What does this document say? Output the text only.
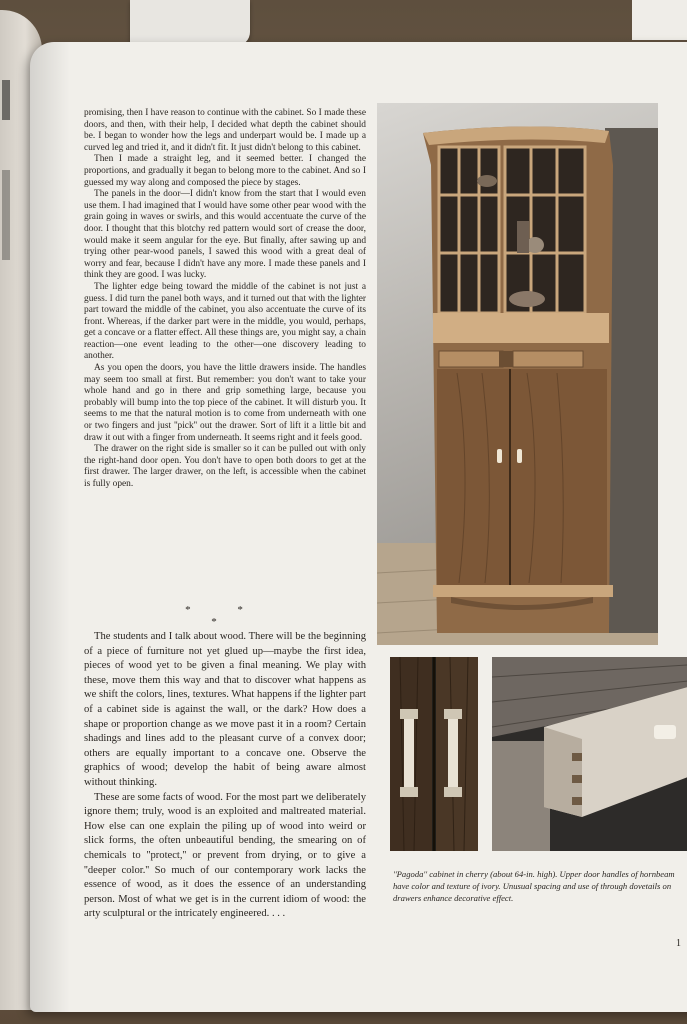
promising, then I have reason to continue with the cabinet. So I made these doors, and then, with their help, I decided what depth the cabinet should be. I began to wonder how the legs and underpart would be. I made up a curved leg and tried it, and it didn't fit. It just didn't belong to this cabinet.

Then I made a straight leg, and it seemed better. I changed the proportions, and gradually it began to belong more to the cabinet. And so I guessed my way along and composed the piece by stages.

The panels in the door—I didn't know from the start that I would even use them. I had imagined that I would have some other pear wood with the grain going in waves or swirls, and this would accentuate the curve of the door. I thought that this blotchy red pattern would sort of crease the door, would make it seem angular for the eye. But finally, after sawing up and trying other pear-wood panels, I sawed this wood with a great deal of worry and fear, because I didn't have any more. I made these panels and I think they are good. I was lucky.

The lighter edge being toward the middle of the cabinet is not just a guess. I did turn the panel both ways, and it turned out that with the lighter part toward the middle of the cabinet, you also accentuate the curve of its front. Whereas, if the darker part were in the middle, you would, perhaps, get a concave or a flatter effect. All these things are, you might say, a chain reaction—one event leading to the other—one discovery leading to another.

As you open the doors, you have the little drawers inside. The handles may seem too small at first. But remember: you don't want to take your whole hand and go in there and grip something large, because you probably will bump into the top piece of the cabinet. It will disturb you. It seems to me that the natural motion is to come from underneath with one or two fingers and just ''pick'' out the drawer. Sort of lift it a little bit and draw it out with a finger from underneath. It seems right and it feels good.

The drawer on the right side is smaller so it can be pulled out with only the right-hand door open. You don't have to open both doors to get at the first drawer. The larger drawer, on the left, is accessible when the cabinet is fully open.

* * *

The students and I talk about wood. There will be the beginning of a piece of furniture not yet glued up—maybe the first idea, pieces of wood yet to be given a final meaning. We play with these, move them this way and that to discover what happens as we shift the colors, lines, textures. What happens if the lighter part of a cabinet side is against the wall, or the dark? How does a shape or proportion change as we move past it in a room? Certain shadings and lines add to the pleasant curve of a convex door; others are equally important to a concave one. Observe the graphics of wood; develop the habit of being aware almost without thinking.

These are some facts of wood. For the most part we deliberately ignore them; truly, wood is an exploited and maltreated material. How else can one explain the piling up of wood into weird or slick forms, the often unbeautiful bending, the smearing on of chemicals to ''protect,'' or prevent from drying, or to give a ''deeper color.'' So much of our contemporary work lacks the essence of wood, as it does the essence of an understanding person. Most of what we get is in the current idiom of wood: the arty sculptural or the intricately engineered. . . .

''Pagoda'' cabinet in cherry (about 64-in. high). Upper door handles of hornbeam have color and texture of ivory. Unusual spacing and use of through dovetails on drawers enhance decorative effect.
1
